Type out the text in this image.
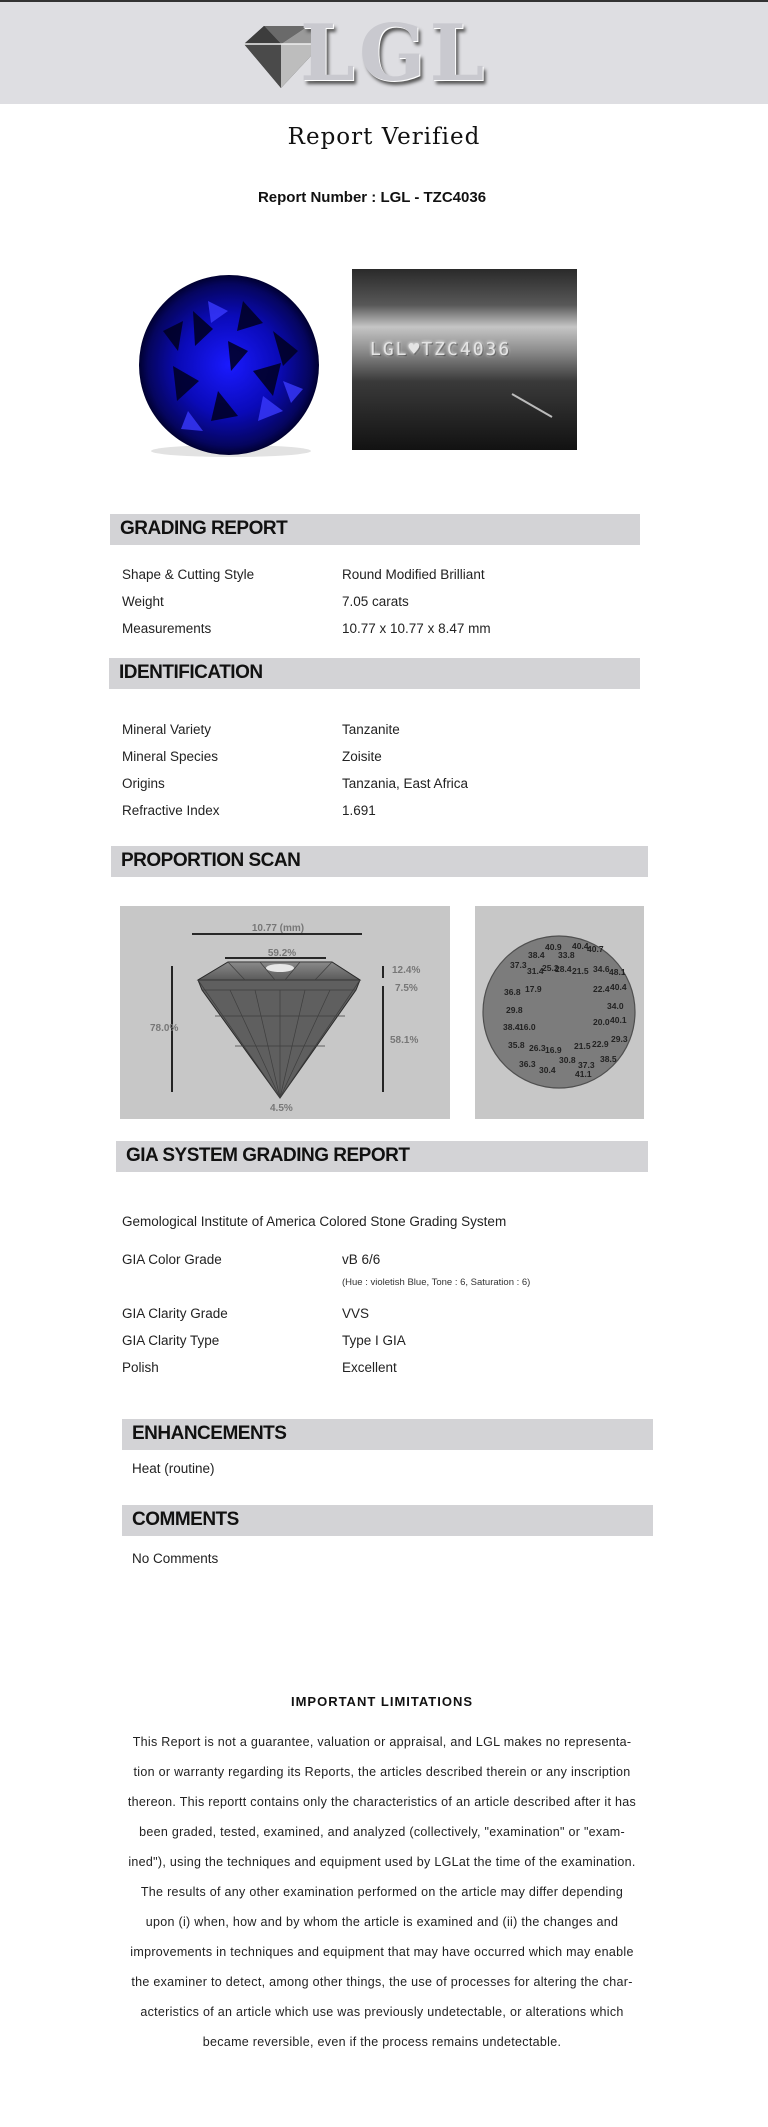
LGL
Report Verified
Report Number : LGL - TZC4036
LGL♥TZC4036
GRADING REPORT
Shape & Cutting Style	Round Modified Brilliant
Weight	7.05 carats
Measurements	10.77 x 10.77 x 8.47 mm
IDENTIFICATION
Mineral Variety	Tanzanite
Mineral Species	Zoisite
Origins	Tanzania, East Africa
Refractive Index	1.691
PROPORTION SCAN
10.77 (mm)
59.2%
78.0%
12.4%
7.5%
58.1%
4.5%
40.9 40.4
38.4 33.8
40.7
37.3
31.4
25.2
28.4 21.5 34.6 48.1
36.8 17.9	22.4 40.4
29.8	34.0
20.0 40.1
38.4 16.0
29.3
35.8 26.3 16.9 21.5 22.9
36.3	30.8	38.5
30.4	37.3
41.1
GIA SYSTEM GRADING REPORT
Gemological Institute of America Colored Stone Grading System
GIA Color Grade	vB 6/6
(Hue : violetish Blue, Tone : 6, Saturation : 6)
GIA Clarity Grade	VVS
GIA Clarity Type	Type I GIA
Polish	Excellent
ENHANCEMENTS
Heat (routine)
COMMENTS
No Comments
IMPORTANT LIMITATIONS
This Report is not a guarantee, valuation or appraisal, and LGL makes no representa-
tion or warranty regarding its Reports, the articles described therein or any inscription
thereon. This reportt contains only the characteristics of an article described after it has
been graded, tested, examined, and analyzed (collectively, "examination" or "exam-
ined"), using the techniques and equipment used by LGLat the time of the examination.
The results of any other examination performed on the article may differ depending
upon (i) when, how and by whom the article is examined and (ii) the changes and
improvements in techniques and equipment that may have occurred which may enable
the examiner to detect, among other things, the use of processes for altering the char-
acteristics of an article which use was previously undetectable, or alterations which
became reversible, even if the process remains undetectable.
